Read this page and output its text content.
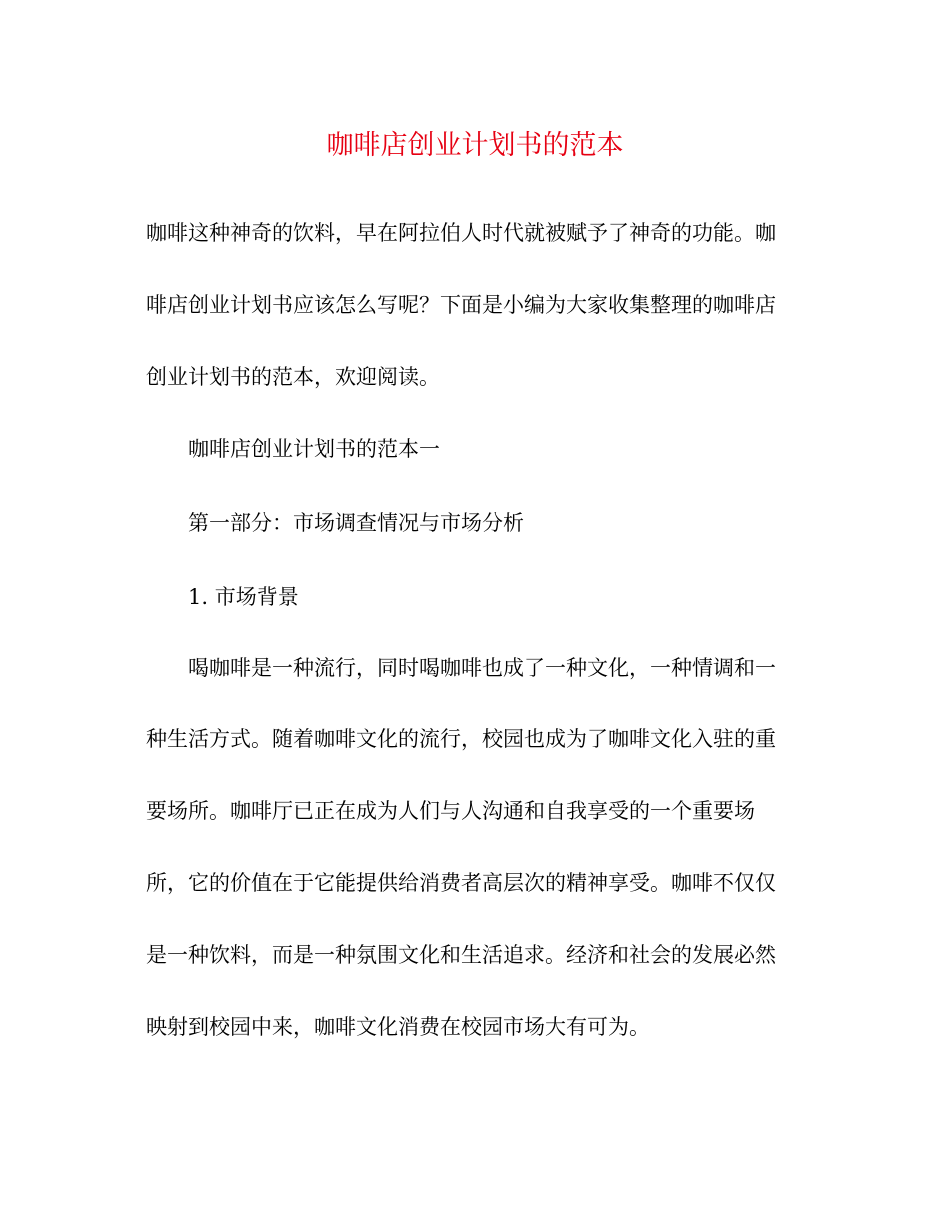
咖啡店创业计划书的范本

咖啡这种神奇的饮料，早在阿拉伯人时代就被赋予了神奇的功能。咖

啡店创业计划书应该怎么写呢？下面是小编为大家收集整理的咖啡店

创业计划书的范本，欢迎阅读。

咖啡店创业计划书的范本一

第一部分：市场调查情况与市场分析

1. 市场背景

喝咖啡是一种流行，同时喝咖啡也成了一种文化，一种情调和一

种生活方式。随着咖啡文化的流行，校园也成为了咖啡文化入驻的重

要场所。咖啡厅已正在成为人们与人沟通和自我享受的一个重要场

所，它的价值在于它能提供给消费者高层次的精神享受。咖啡不仅仅

是一种饮料，而是一种氛围文化和生活追求。经济和社会的发展必然

映射到校园中来，咖啡文化消费在校园市场大有可为。
